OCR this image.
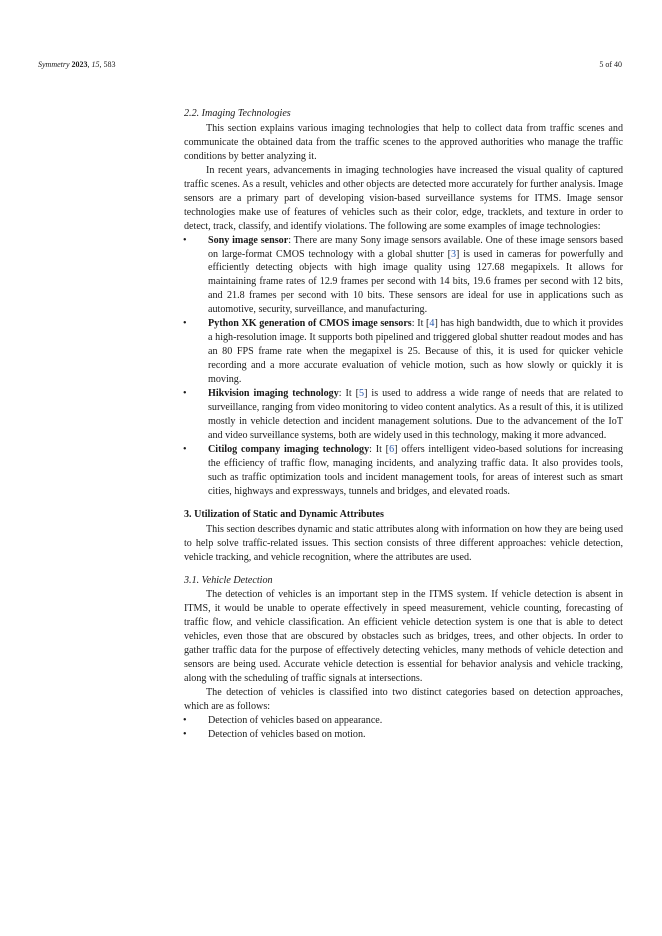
Symmetry 2023, 15, 583	5 of 40
2.2. Imaging Technologies

This section explains various imaging technologies that help to collect data from traffic scenes and communicate the obtained data from the traffic scenes to the approved authorities who manage the traffic conditions by better analyzing it.

In recent years, advancements in imaging technologies have increased the visual quality of captured traffic scenes. As a result, vehicles and other objects are detected more accurately for further analysis. Image sensors are a primary part of developing vision-based surveillance systems for ITMS. Image sensor technologies make use of features of vehicles such as their color, edge, tracklets, and texture in order to detect, track, classify, and identify violations. The following are some examples of image technologies:

• Sony image sensor: There are many Sony image sensors available. One of these image sensors based on large-format CMOS technology with a global shutter [3] is used in cameras for powerfully and efficiently detecting objects with high image quality using 127.68 megapixels. It allows for maintaining frame rates of 12.9 frames per second with 14 bits, 19.6 frames per second with 12 bits, and 21.8 frames per second with 10 bits. These sensors are ideal for use in applications such as automotive, security, surveillance, and manufacturing.
• Python XK generation of CMOS image sensors: It [4] has high bandwidth, due to which it provides a high-resolution image. It supports both pipelined and triggered global shutter readout modes and has an 80 FPS frame rate when the megapixel is 25. Because of this, it is used for quicker vehicle recording and a more accurate evaluation of vehicle motion, such as how slowly or quickly it is moving.
• Hikvision imaging technology: It [5] is used to address a wide range of needs that are related to surveillance, ranging from video monitoring to video content analytics. As a result of this, it is utilized mostly in vehicle detection and incident management solutions. Due to the advancement of the IoT and video surveillance systems, both are widely used in this technology, making it more advanced.
• Citilog company imaging technology: It [6] offers intelligent video-based solutions for increasing the efficiency of traffic flow, managing incidents, and analyzing traffic data. It also provides tools, such as traffic optimization tools and incident management tools, for areas of interest such as smart cities, highways and expressways, tunnels and bridges, and elevated roads.
3. Utilization of Static and Dynamic Attributes

This section describes dynamic and static attributes along with information on how they are being used to help solve traffic-related issues. This section consists of three different approaches: vehicle detection, vehicle tracking, and vehicle recognition, where the attributes are used.

3.1. Vehicle Detection

The detection of vehicles is an important step in the ITMS system. If vehicle detection is absent in ITMS, it would be unable to operate effectively in speed measurement, vehicle counting, forecasting of traffic flow, and vehicle classification. An efficient vehicle detection system is one that is able to detect vehicles, even those that are obscured by obstacles such as bridges, trees, and other objects. In order to gather traffic data for the purpose of effectively detecting vehicles, many methods of vehicle detection and sensors are being used. Accurate vehicle detection is essential for behavior analysis and vehicle tracking, along with the scheduling of traffic signals at intersections.

The detection of vehicles is classified into two distinct categories based on detection approaches, which are as follows:

• Detection of vehicles based on appearance.
• Detection of vehicles based on motion.
